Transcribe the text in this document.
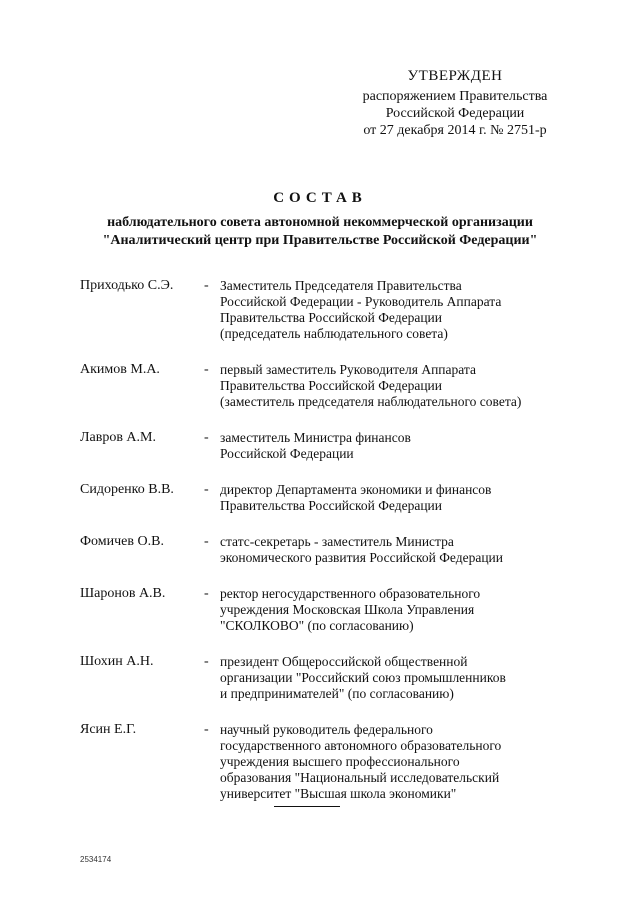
УТВЕРЖДЕН
распоряжением Правительства
Российской Федерации
от 27 декабря 2014 г. № 2751-р
СОСТАВ
наблюдательного совета автономной некоммерческой организации
"Аналитический центр при Правительстве Российской Федерации"
Приходько С.Э.	- Заместитель Председателя Правительства
Российской Федерации - Руководитель Аппарата
Правительства Российской Федерации
(председатель наблюдательного совета)
Акимов М.А.	- первый заместитель Руководителя Аппарата
Правительства Российской Федерации
(заместитель председателя наблюдательного совета)
Лавров А.М.	- заместитель Министра финансов
Российской Федерации
Сидоренко В.В.	- директор Департамента экономики и финансов
Правительства Российской Федерации
Фомичев О.В.	- статс-секретарь - заместитель Министра
экономического развития Российской Федерации
Шаронов А.В.	- ректор негосударственного образовательного
учреждения Московская Школа Управления
"СКОЛКОВО" (по согласованию)
Шохин А.Н.	- президент Общероссийской общественной
организации "Российский союз промышленников
и предпринимателей" (по согласованию)
Ясин Е.Г.	- научный руководитель федерального
государственного автономного образовательного
учреждения высшего профессионального
образования "Национальный исследовательский
университет "Высшая школа экономики"
2534174
